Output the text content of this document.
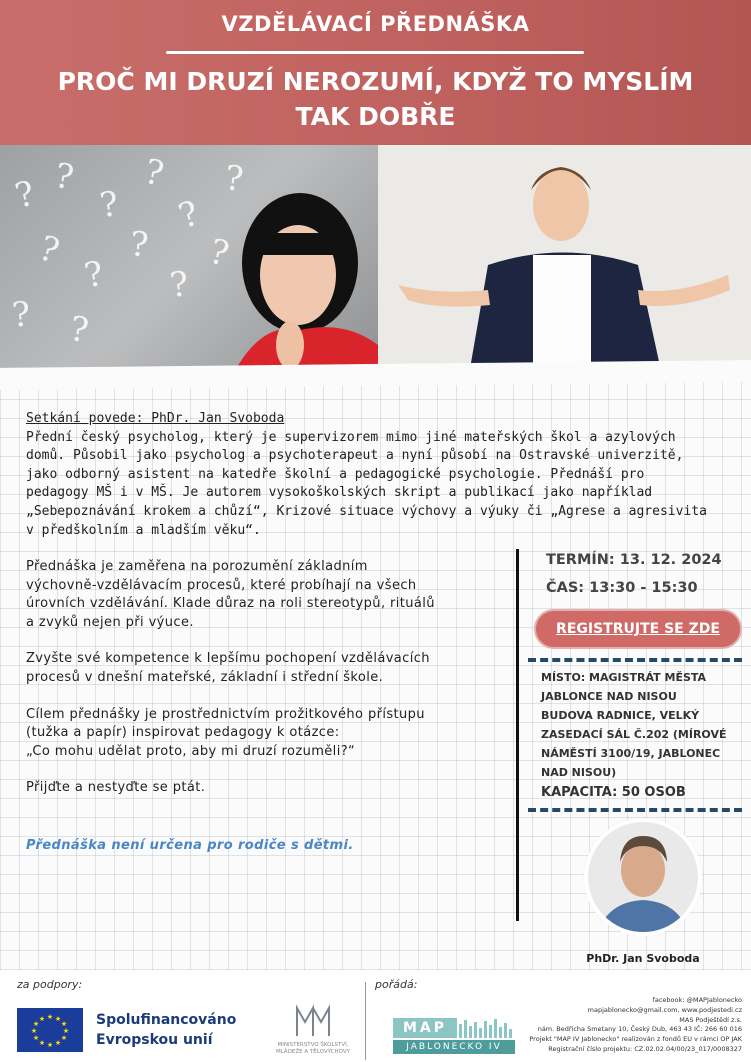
VZDĚLÁVACÍ PŘEDNÁŠKA
PROČ MI DRUZÍ NEROZUMÍ, KDYŽ TO MYSLÍM
TAK DOBŘE
? ?
?
?
?
?
?
?
?
?
?
? ?
Setkání povede: PhDr. Jan Svoboda
Přední český psycholog, který je supervizorem mimo jiné mateřských škol a azylových
domů. Působil jako psycholog a psychoterapeut a nyní působí na Ostravské univerzitě,
jako odborný asistent na katedře školní a pedagogické psychologie. Přednáší pro
pedagogy MŠ i v MŠ. Je autorem vysokoškolských skript a publikací jako například
„Sebepoznávání krokem a chůzí“, Krizové situace výchovy a výuky či „Agrese a agresivita
v předškolním a mladším věku“.

Přednáška je zaměřena na porozumění základním
výchovně-vzdělávacím procesů, které probíhají na všech
úrovních vzdělávání. Klade důraz na roli stereotypů, rituálů
a zvyků nejen při výuce.

Zvyšte své kompetence k lepšímu pochopení vzdělávacích
procesů v dnešní mateřské, základní i střední škole.

Cílem přednášky je prostřednictvím prožitkového přístupu
(tužka a papír) inspirovat pedagogy k otázce:
„Co mohu udělat proto, aby mi druzí rozuměli?“

Přijďte a nestyďte se ptát.

Přednáška není určena pro rodiče s dětmi.
TERMÍN: 13. 12. 2024
ČAS: 13:30 - 15:30
REGISTRUJTE SE ZDE
MÍSTO: MAGISTRÁT MĚSTA
JABLONCE NAD NISOU
BUDOVA RADNICE, VELKÝ
ZASEDACÍ SÁL Č.202 (MÍROVÉ
NÁMĚSTÍ 3100/19, JABLONEC
NAD NISOU)
KAPACITA: 50 OSOB
PhDr. Jan Svoboda
za podpory:
★ ★
★
★
★
★
★
★
★
★
★
★	Spolufinancováno
Evropskou unií	MINISTERSTVO ŠKOLSTVÍ,
MLÁDEŽE A TĚLOVÝCHOVY
pořádá:
MAP
JABLONECKO IV
facebook: @MAPJablonecko
mapjablonecko@gmail.com, www.podjestedi.cz
MAS Podještědí z.s.
nám. Bedřicha Smetany 10, Český Dub, 463 43 IČ: 266 60 016
Projekt "MAP IV Jablonecko" realizován z fondů EU v rámci OP JAK
Registrační číslo projektu: CZ.02.02.04/00/23_017/0008327
